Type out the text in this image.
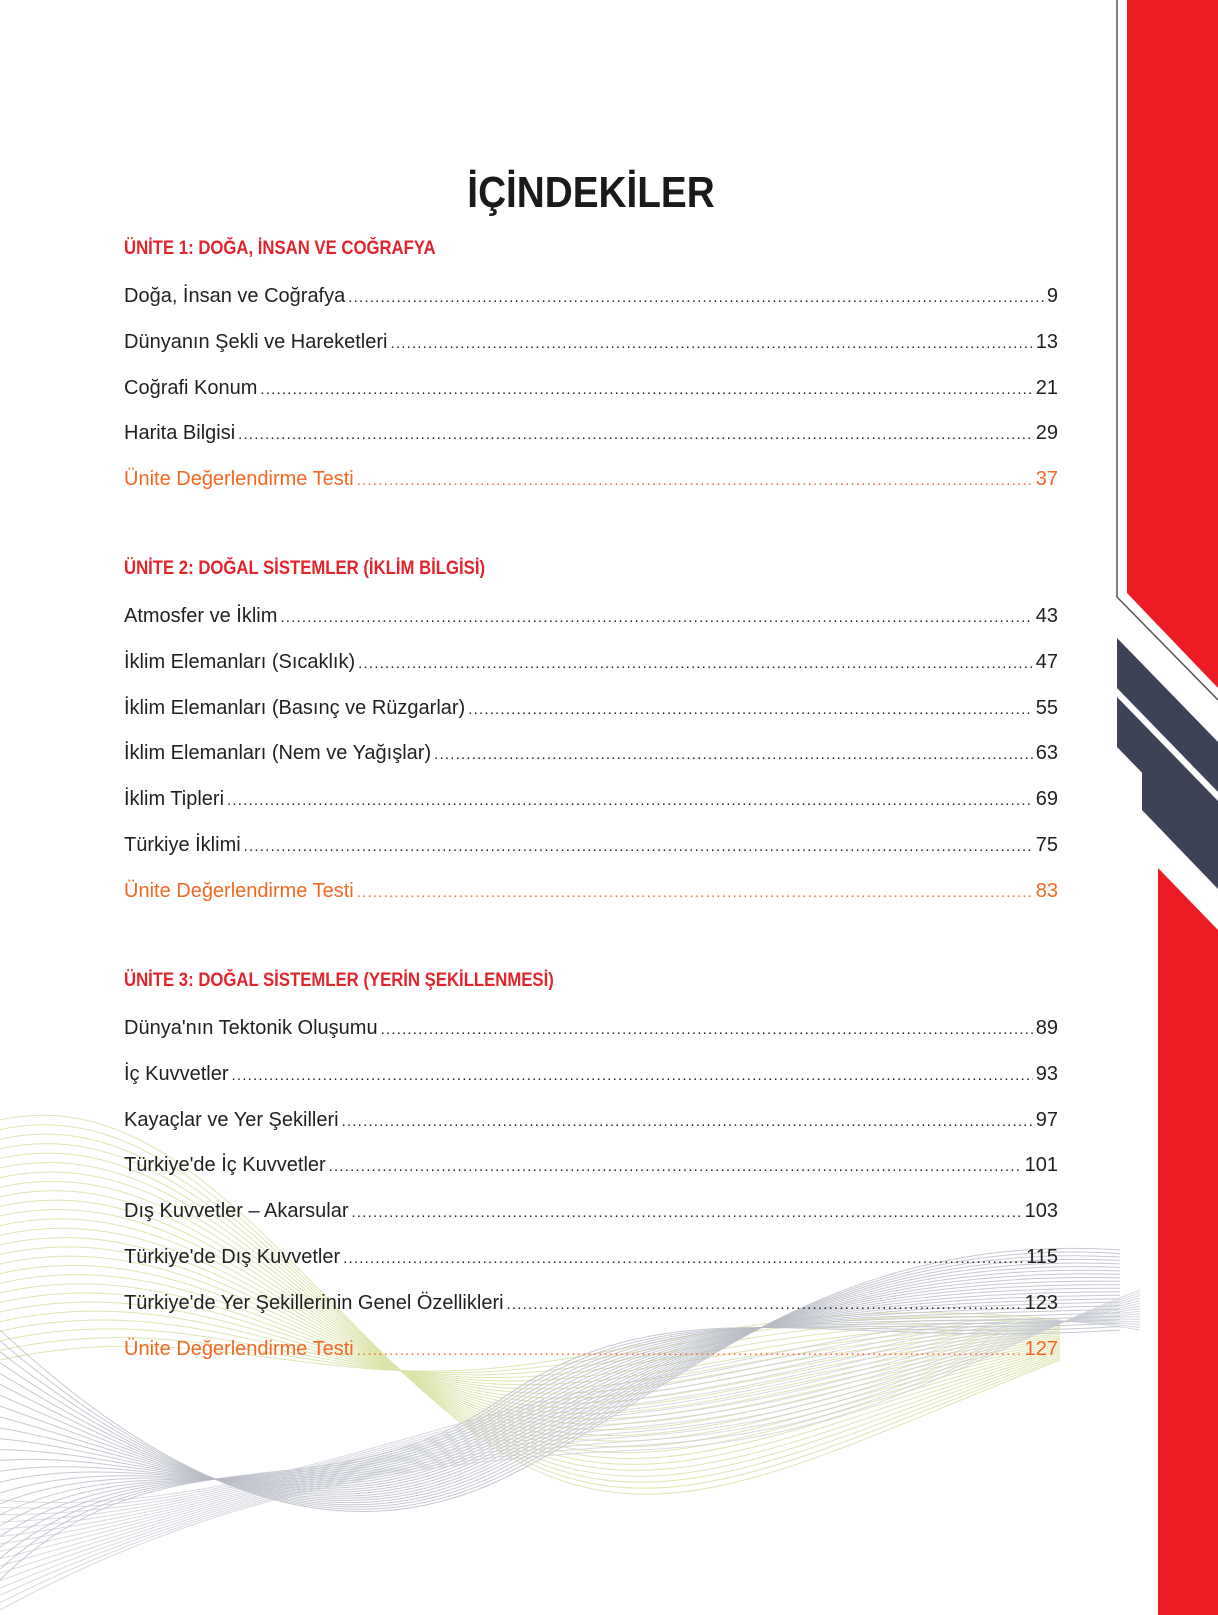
İÇİNDEKİLER
ÜNİTE 1: DOĞA, İNSAN VE COĞRAFYA
Doğa, İnsan ve Coğrafya .....	9
Dünyanın Şekli ve Hareketleri .....	13
Coğrafi Konum .....	21
Harita Bilgisi .....	29
Ünite Değerlendirme Testi .....	37
ÜNİTE 2: DOĞAL SİSTEMLER (İKLİM BİLGİSİ)
Atmosfer ve İklim .....	43
İklim Elemanları (Sıcaklık) .....	47
İklim Elemanları (Basınç ve Rüzgarlar) .....	55
İklim Elemanları (Nem ve Yağışlar) .....	63
İklim Tipleri .....	69
Türkiye İklimi .....	75
Ünite Değerlendirme Testi .....	83
ÜNİTE 3: DOĞAL SİSTEMLER (YERİN ŞEKİLLENMESİ)
Dünya'nın Tektonik Oluşumu .....	89
İç Kuvvetler .....	93
Kayaçlar ve Yer Şekilleri .....	97
Türkiye'de İç Kuvvetler .....	101
Dış Kuvvetler – Akarsular .....	103
Türkiye'de Dış Kuvvetler .....	115
Türkiye'de Yer Şekillerinin Genel Özellikleri .....	123
Ünite Değerlendirme Testi .....	127
